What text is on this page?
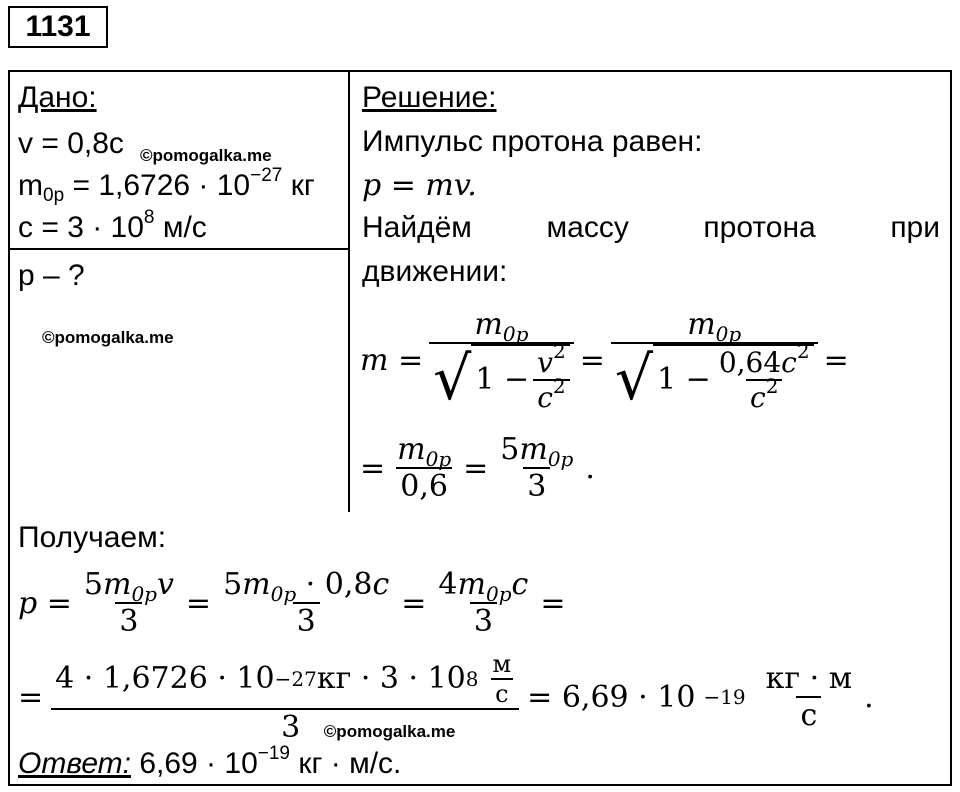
1131
Дано:
v = 0,8c ©pomogalka.me
$m_{0p} = 1,6726 \cdot 10^{-27}$ кг
$c = 3 \cdot 10^8$ м/с
p – ?
©pomogalka.me
Решение:
Импульс протона равен:
p = mv.
Найдём массу протона при
движении:
$m = \frac{m_{0p}}{√ 1 - \frac{v^2}{c^2}} = \frac{m_{0p}}{√ 1 - \frac{0,64c^2}{c^2}}$ =
= $\frac{m_{0p}}{0,6} = \frac{5m_{0p}}{3}$ .
Получаем:
$p = \frac{5m_{0p}v}{3} = \frac{5m_{0p} \cdot 0,8c}{3} = \frac{4m_{0p}c}{3}$ =
= $\frac{4 \cdot 1,6726 \cdot 10 -27 кг \cdot 3 \cdot 10 8 \frac{м}{с}}{\text{3 ©pomogalka.me}} = 6,69 \cdot 10 -19 \frac{кг \cdot м}{с}$ .
Ответ: $6,69 \cdot 10^{-19}$ кг · м/с.
